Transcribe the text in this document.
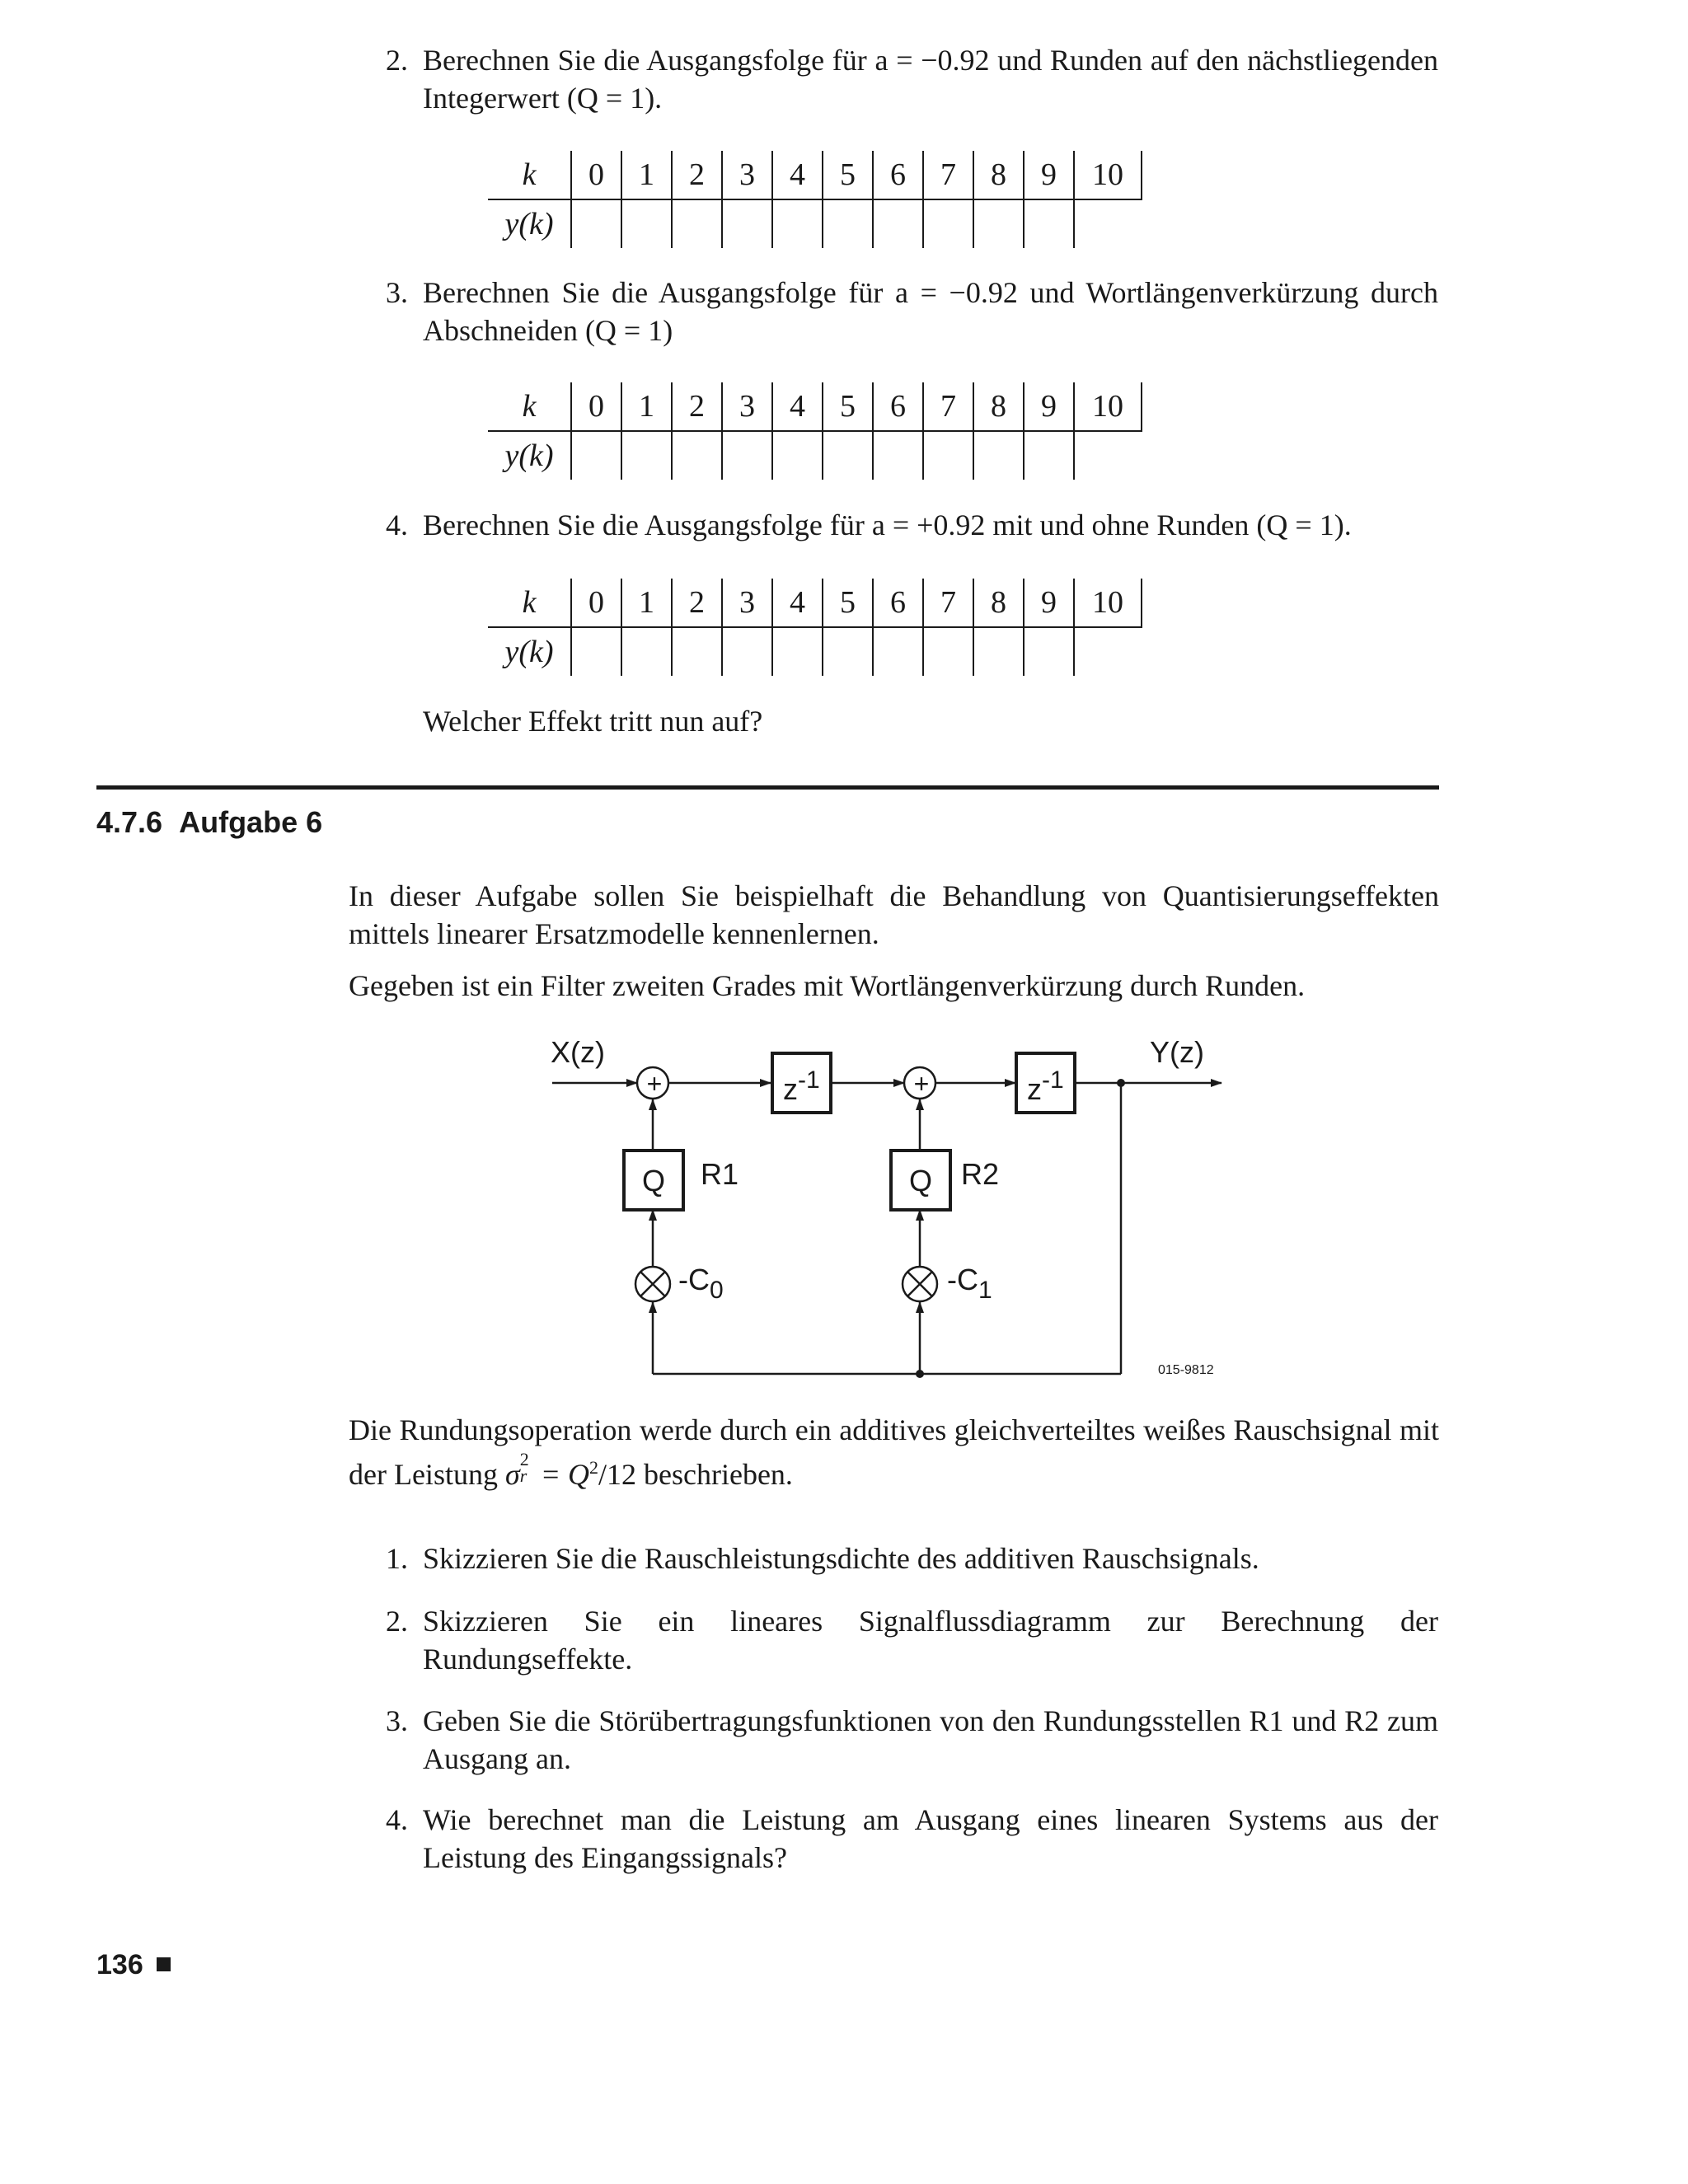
2. Berechnen Sie die Ausgangsfolge für a = −0.92 und Runden auf den nächstliegenden Integerwert (Q = 1).
k	0	1	2	3	4	5	6	7	8	9	10
y(k)											
3. Berechnen Sie die Ausgangsfolge für a = −0.92 und Wortlängenverkürzung durch Abschneiden (Q = 1)
k	0	1	2	3	4	5	6	7	8	9	10
y(k)											
4. Berechnen Sie die Ausgangsfolge für a = +0.92 mit und ohne Runden (Q = 1).
k	0	1	2	3	4	5	6	7	8	9	10
y(k)											
Welcher Effekt tritt nun auf?
4.7.6 Aufgabe 6
In dieser Aufgabe sollen Sie beispielhaft die Behandlung von Quantisierungseffekten mittels linearer Ersatzmodelle kennenlernen.
Gegeben ist ein Filter zweiten Grades mit Wortlängenverkürzung durch Runden.
+	+
X(z)	Y(z)
$z^{-1}$	$z^{-1}$
Q	Q
R1	R2
$-C_0$	$-C_1$
015-9812
Die Rundungsoperation werde durch ein additives gleichverteiltes weißes Rauschsignal mit der Leistung σ 2
$r = Q^2/12$ beschrieben.
1. Skizzieren Sie die Rauschleistungsdichte des additiven Rauschsignals.
2. Skizzieren Sie ein lineares Signalflussdiagramm zur Berechnung der Rundungseffekte.
3. Geben Sie die Störübertragungsfunktionen von den Rundungsstellen R1 und R2 zum Ausgang an.
4. Wie berechnet man die Leistung am Ausgang eines linearen Systems aus der Leistung des Eingangssignals?
136
